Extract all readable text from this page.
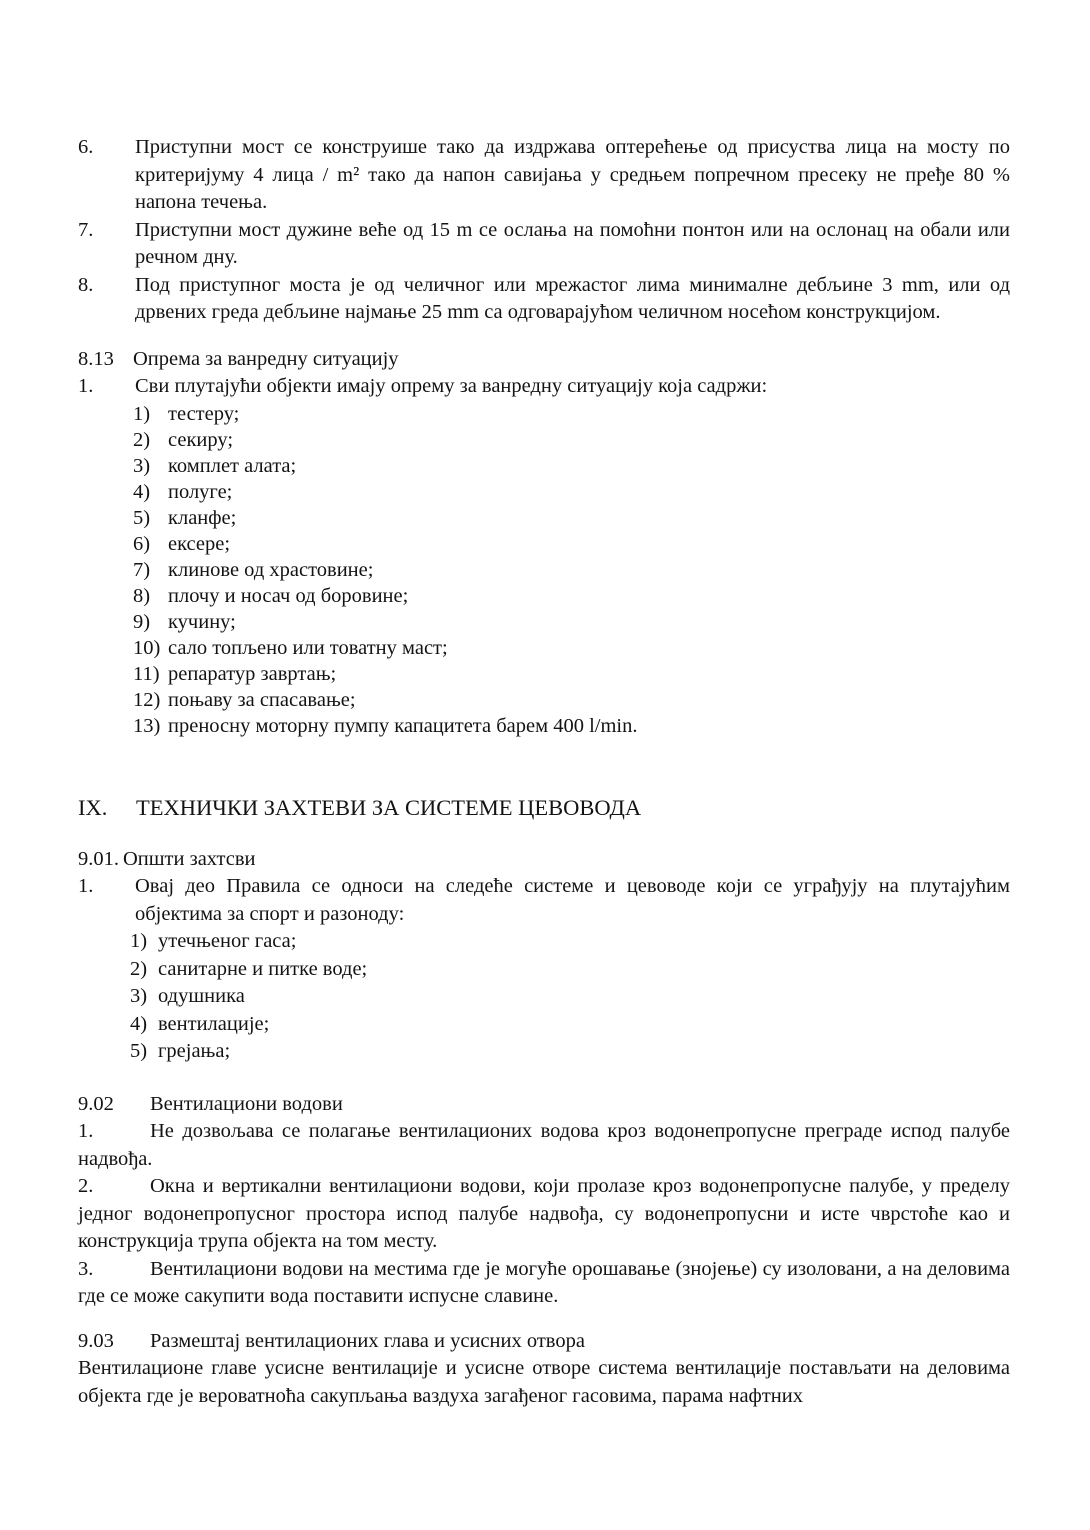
6. Приступни мост се конструише тако да издржава оптерећење од присуства лица на мосту по критеријуму 4 лица / m² тако да напон савијања у средњем попречном пресеку не пређе 80 % напона течења.
7. Приступни мост дужине веће од 15 m се ослања на помоћни понтон или на ослонац на обали или речном дну.
8. Под приступног моста је од челичног или мрежастог лима минималне дебљине 3 mm, или од дрвених греда дебљине најмање 25 mm са одговарајућом челичном носећом конструкцијом.
8.13 Опрема за ванредну ситуацију
1. Сви плутајући објекти имају опрему за ванредну ситуацију која садржи:
1) тестеру;
2) секиру;
3) комплет алата;
4) полуге;
5) кланфе;
6) ексере;
7) клинове од храстовине;
8) плочу и носач од боровине;
9) кучину;
10) сало топљено или товатну маст;
11) репаратур завртањ;
12) поњаву за спасавање;
13) преносну моторну пумпу капацитета барем 400 l/min.
IX.	ТЕХНИЧКИ ЗАХТЕВИ ЗА СИСТЕМЕ ЦЕВОВОДА
9.01. Општи захтсви
1. Овај део Правила се односи на следеће системе и цевоводе који се уграђују на плутајућим објектима за спорт и разоноду:
1) утечњеног гаса;
2) санитарне и питке воде;
3) одушника
4) вентилације;
5) грејања;
9.02	Вентилациони водови

1.	Не дозвољава се полагање вентилационих водова кроз водонепропусне преграде испод палубе надвођа.

2.	Окна и вертикални вентилациони водови, који пролазе кроз водонепропусне палубе, у пределу једног водонепропусног простора испод палубе надвођа, су водонепропусни и исте чврстоће као и конструкција трупа објекта на том месту.

3.	Вентилациони водови на местима где је могуће орошавање (знојење) су изоловани, а на деловима где се може сакупити вода поставити испусне славине.

9.03	Размештај вентилационих глава и усисних отвора

Вентилационе главе усисне вентилације и усисне отворе система вентилације постављати на деловима објекта где је вероватноћа сакупљања ваздуха загађеног гасовима, парама нафтних
